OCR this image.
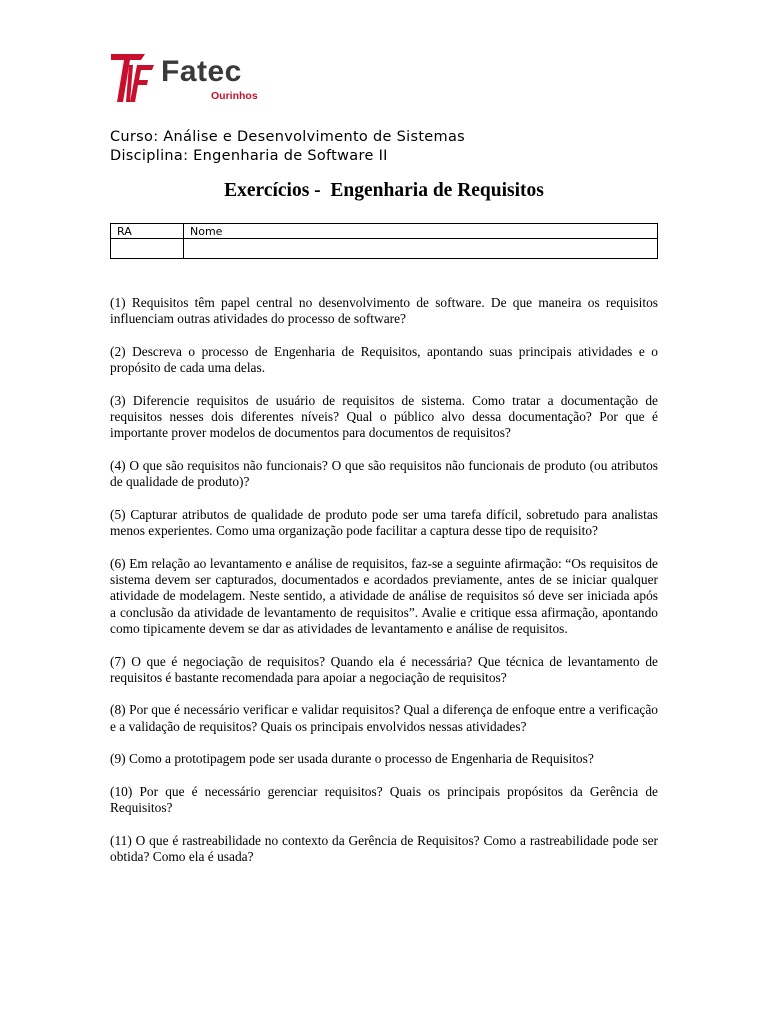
Fatec
Ourinhos
Curso: Análise e Desenvolvimento de Sistemas
Disciplina: Engenharia de Software II
Exercícios -  Engenharia de Requisitos
RA	Nome

(1) Requisitos têm papel central no desenvolvimento de software. De que maneira os requisitos influenciam outras atividades do processo de software?

(2) Descreva o processo de Engenharia de Requisitos, apontando suas principais atividades e o propósito de cada uma delas.

(3) Diferencie requisitos de usuário de requisitos de sistema. Como tratar a documentação de requisitos nesses dois diferentes níveis? Qual o público alvo dessa documentação? Por que é importante prover modelos de documentos para documentos de requisitos?

(4) O que são requisitos não funcionais? O que são requisitos não funcionais de produto (ou atributos de qualidade de produto)?

(5) Capturar atributos de qualidade de produto pode ser uma tarefa difícil, sobretudo para analistas menos experientes. Como uma organização pode facilitar a captura desse tipo de requisito?

(6) Em relação ao levantamento e análise de requisitos, faz-se a seguinte afirmação: “Os requisitos de sistema devem ser capturados, documentados e acordados previamente, antes de se iniciar qualquer atividade de modelagem. Neste sentido, a atividade de análise de requisitos só deve ser iniciada após a conclusão da atividade de levantamento de requisitos”. Avalie e critique essa afirmação, apontando como tipicamente devem se dar as atividades de levantamento e análise de requisitos.

(7) O que é negociação de requisitos? Quando ela é necessária? Que técnica de levantamento de requisitos é bastante recomendada para apoiar a negociação de requisitos?

(8) Por que é necessário verificar e validar requisitos? Qual a diferença de enfoque entre a verificação e a validação de requisitos? Quais os principais envolvidos nessas atividades?

(9) Como a prototipagem pode ser usada durante o processo de Engenharia de Requisitos?

(10) Por que é necessário gerenciar requisitos? Quais os principais propósitos da Gerência de Requisitos?

(11) O que é rastreabilidade no contexto da Gerência de Requisitos? Como a rastreabilidade pode ser obtida? Como ela é usada?
